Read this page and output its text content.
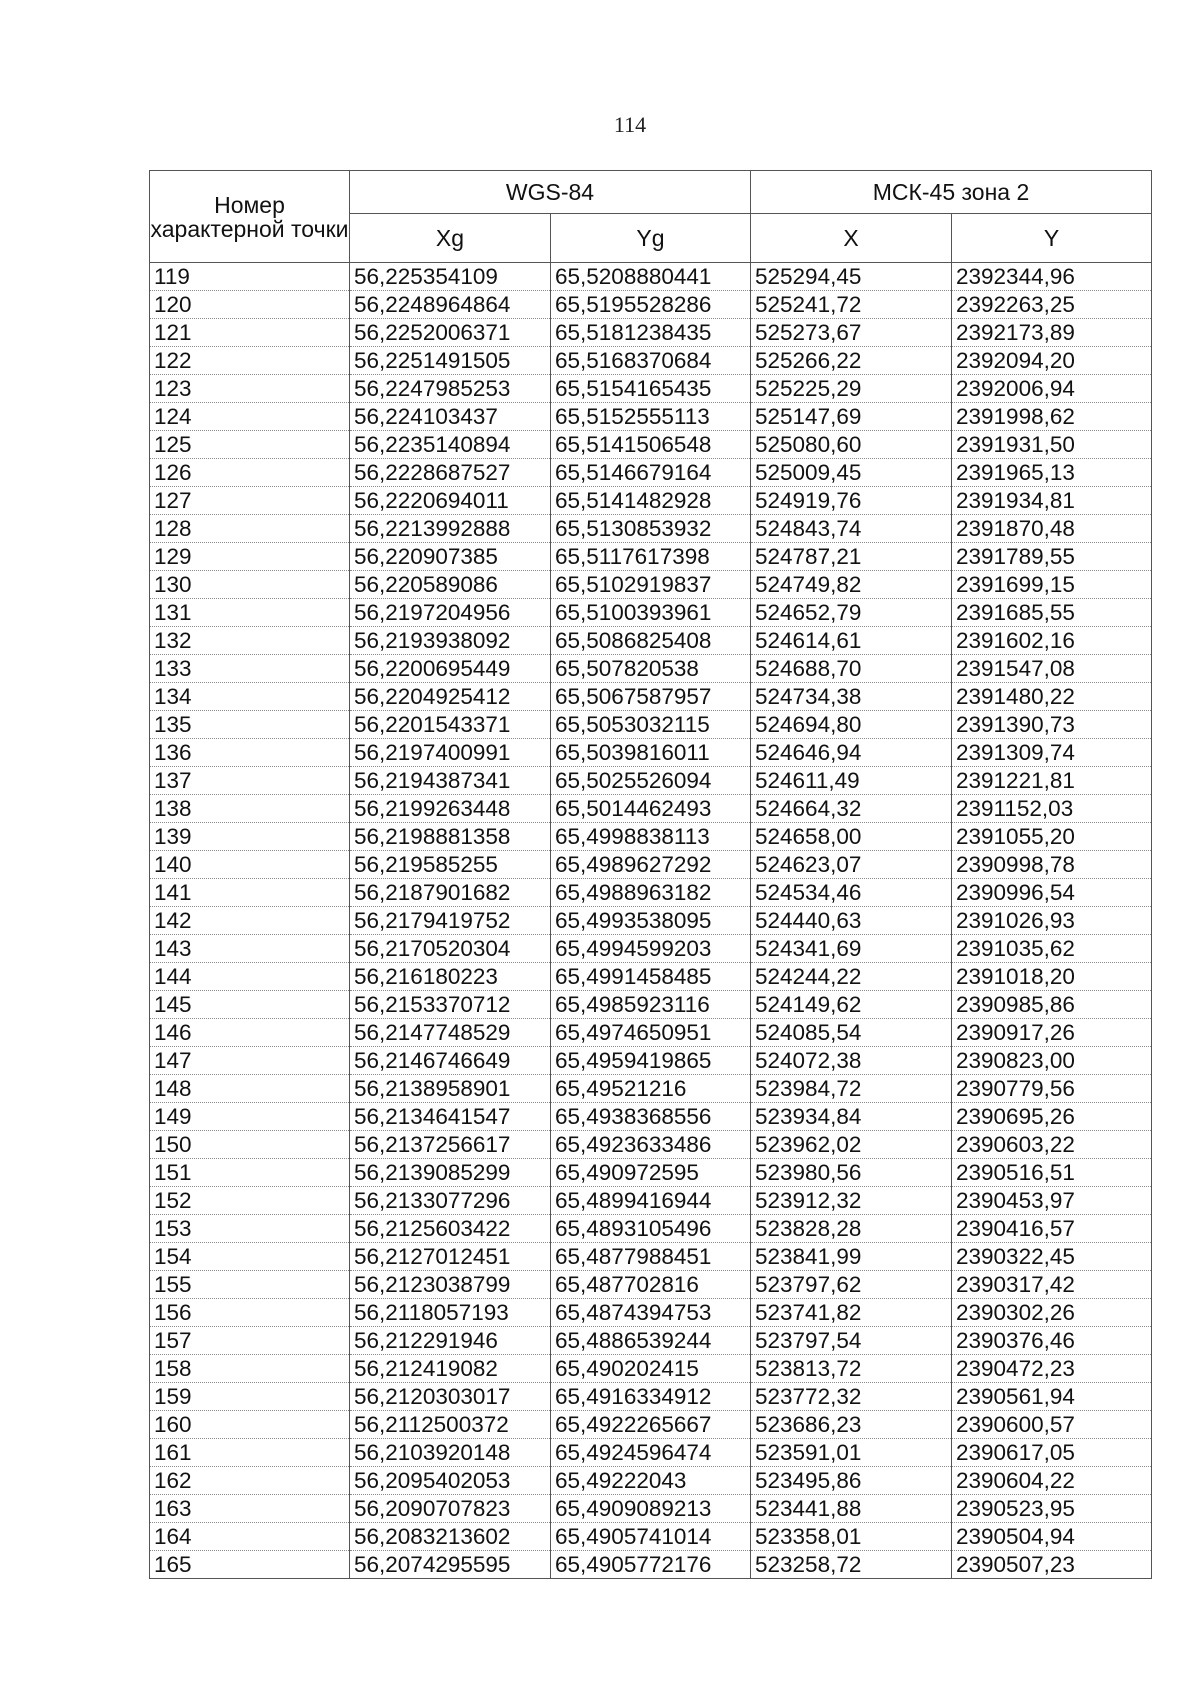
114
Номер характерной точки	WGS-84		МСК-45 зона 2	
	Xg	Yg	X	Y
119	56,225354109	65,5208880441	525294,45	2392344,96
120	56,2248964864	65,5195528286	525241,72	2392263,25
121	56,2252006371	65,5181238435	525273,67	2392173,89
122	56,2251491505	65,5168370684	525266,22	2392094,20
123	56,2247985253	65,5154165435	525225,29	2392006,94
124	56,224103437	65,5152555113	525147,69	2391998,62
125	56,2235140894	65,5141506548	525080,60	2391931,50
126	56,2228687527	65,5146679164	525009,45	2391965,13
127	56,2220694011	65,5141482928	524919,76	2391934,81
128	56,2213992888	65,5130853932	524843,74	2391870,48
129	56,220907385	65,5117617398	524787,21	2391789,55
130	56,220589086	65,5102919837	524749,82	2391699,15
131	56,2197204956	65,5100393961	524652,79	2391685,55
132	56,2193938092	65,5086825408	524614,61	2391602,16
133	56,2200695449	65,507820538	524688,70	2391547,08
134	56,2204925412	65,5067587957	524734,38	2391480,22
135	56,2201543371	65,5053032115	524694,80	2391390,73
136	56,2197400991	65,5039816011	524646,94	2391309,74
137	56,2194387341	65,5025526094	524611,49	2391221,81
138	56,2199263448	65,5014462493	524664,32	2391152,03
139	56,2198881358	65,4998838113	524658,00	2391055,20
140	56,219585255	65,4989627292	524623,07	2390998,78
141	56,2187901682	65,4988963182	524534,46	2390996,54
142	56,2179419752	65,4993538095	524440,63	2391026,93
143	56,2170520304	65,4994599203	524341,69	2391035,62
144	56,216180223	65,4991458485	524244,22	2391018,20
145	56,2153370712	65,4985923116	524149,62	2390985,86
146	56,2147748529	65,4974650951	524085,54	2390917,26
147	56,2146746649	65,4959419865	524072,38	2390823,00
148	56,2138958901	65,49521216	523984,72	2390779,56
149	56,2134641547	65,4938368556	523934,84	2390695,26
150	56,2137256617	65,4923633486	523962,02	2390603,22
151	56,2139085299	65,490972595	523980,56	2390516,51
152	56,2133077296	65,4899416944	523912,32	2390453,97
153	56,2125603422	65,4893105496	523828,28	2390416,57
154	56,2127012451	65,4877988451	523841,99	2390322,45
155	56,2123038799	65,487702816	523797,62	2390317,42
156	56,2118057193	65,4874394753	523741,82	2390302,26
157	56,212291946	65,4886539244	523797,54	2390376,46
158	56,212419082	65,490202415	523813,72	2390472,23
159	56,2120303017	65,4916334912	523772,32	2390561,94
160	56,2112500372	65,4922265667	523686,23	2390600,57
161	56,2103920148	65,4924596474	523591,01	2390617,05
162	56,2095402053	65,49222043	523495,86	2390604,22
163	56,2090707823	65,4909089213	523441,88	2390523,95
164	56,2083213602	65,4905741014	523358,01	2390504,94
165	56,2074295595	65,4905772176	523258,72	2390507,23
